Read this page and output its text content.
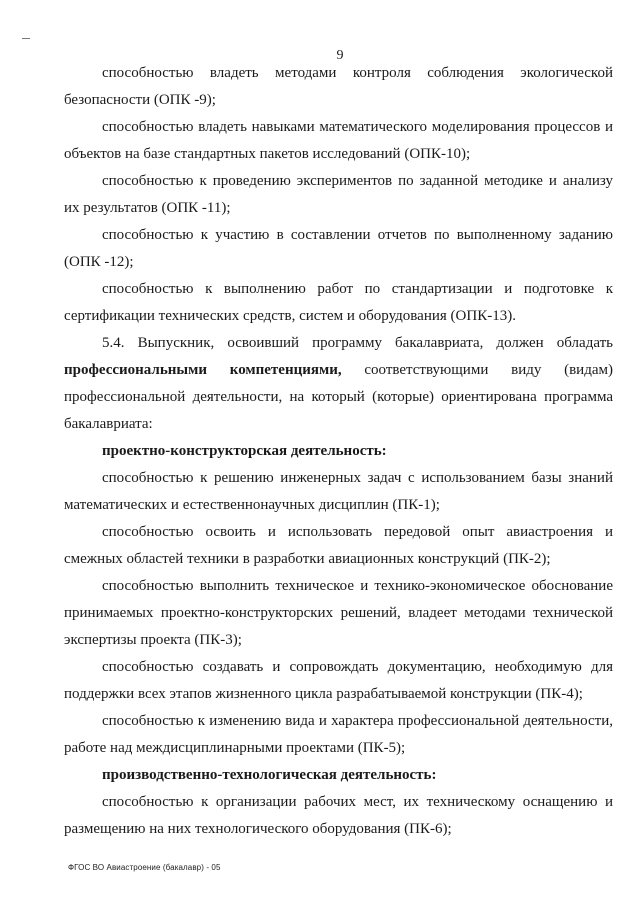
9

способностью владеть методами контроля соблюдения экологической безопасности (ОПК -9);

способностью владеть навыками математического моделирования процессов и объектов на базе стандартных пакетов исследований (ОПК-10);

способностью к проведению экспериментов по заданной методике и анализу их результатов (ОПК -11);

способностью к участию в составлении отчетов по выполненному заданию (ОПК -12);

способностью к выполнению работ по стандартизации и подготовке к сертификации технических средств, систем и оборудования (ОПК-13).

5.4. Выпускник, освоивший программу бакалавриата, должен обладать профессиональными компетенциями, соответствующими виду (видам) профессиональной деятельности, на который (которые) ориентирована программа бакалавриата:

проектно-конструкторская деятельность:

способностью к решению инженерных задач с использованием базы знаний математических и естественнонаучных дисциплин (ПК-1);

способностью освоить и использовать передовой опыт авиастроения и смежных областей техники в разработки авиационных конструкций (ПК-2);

способностью выполнить техническое и технико-экономическое обоснование принимаемых проектно-конструкторских решений, владеет методами технической экспертизы проекта (ПК-3);

способностью создавать и сопровождать документацию, необходимую для поддержки всех этапов жизненного цикла разрабатываемой конструкции (ПК-4);

способностью к изменению вида и характера профессиональной деятельности, работе над междисциплинарными проектами (ПК-5);

производственно-технологическая деятельность:

способностью к организации рабочих мест, их техническому оснащению и размещению на них технологического оборудования (ПК-6);

ФГОС ВО Авиастроение (бакалавр) - 05
